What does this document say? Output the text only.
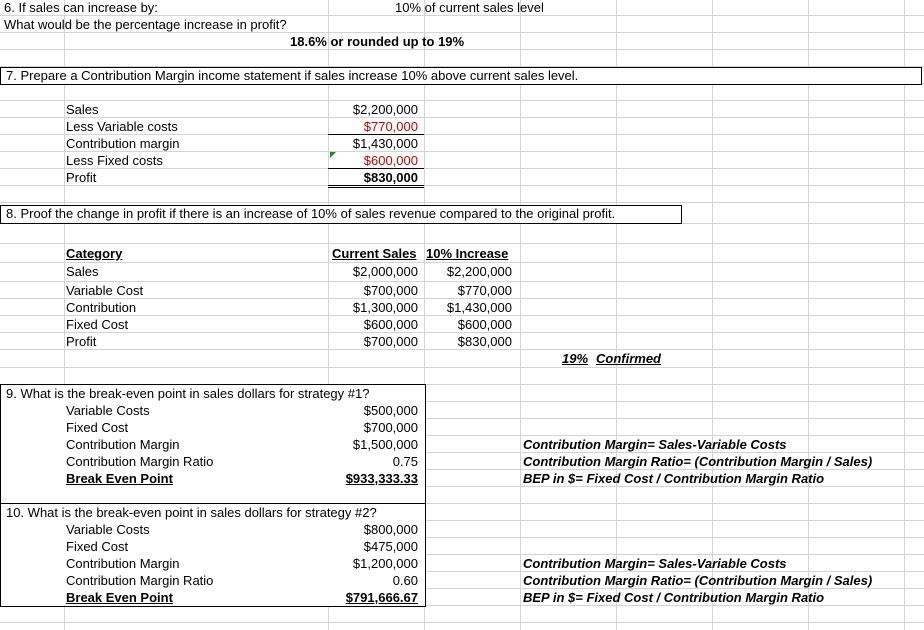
6. If sales can increase by:	10% of current sales level
What would be the percentage increase in profit?
18.6% or rounded up to 19%
7. Prepare a Contribution Margin income statement if sales increase 10% above current sales level.
Sales	$2,200,000
Less Variable costs	$770,000
Contribution margin	$1,430,000
Less Fixed costs	$600,000
Profit	$830,000
8. Proof the change in profit if there is an increase of 10% of sales revenue compared to the original profit.
Category	Current Sales 10% Increase
Sales	$2,000,000	$2,200,000
Variable Cost	$700,000	$770,000
Contribution	$1,300,000	$1,430,000
Fixed Cost	$600,000	$600,000
Profit	$700,000	$830,000
19% Confirmed
9. What is the break-even point in sales dollars for strategy #1?
Variable Costs	$500,000
Fixed Cost	$700,000
Contribution Margin	$1,500,000
Contribution Margin Ratio	0.75
Break Even Point	$933,333.33
Contribution Margin= Sales-Variable Costs
Contribution Margin Ratio= (Contribution Margin / Sales)
BEP in $= Fixed Cost / Contribution Margin Ratio
10. What is the break-even point in sales dollars for strategy #2?
Variable Costs	$800,000
Fixed Cost	$475,000
Contribution Margin	$1,200,000
Contribution Margin Ratio	0.60
Break Even Point	$791,666.67
Contribution Margin= Sales-Variable Costs
Contribution Margin Ratio= (Contribution Margin / Sales)
BEP in $= Fixed Cost / Contribution Margin Ratio
